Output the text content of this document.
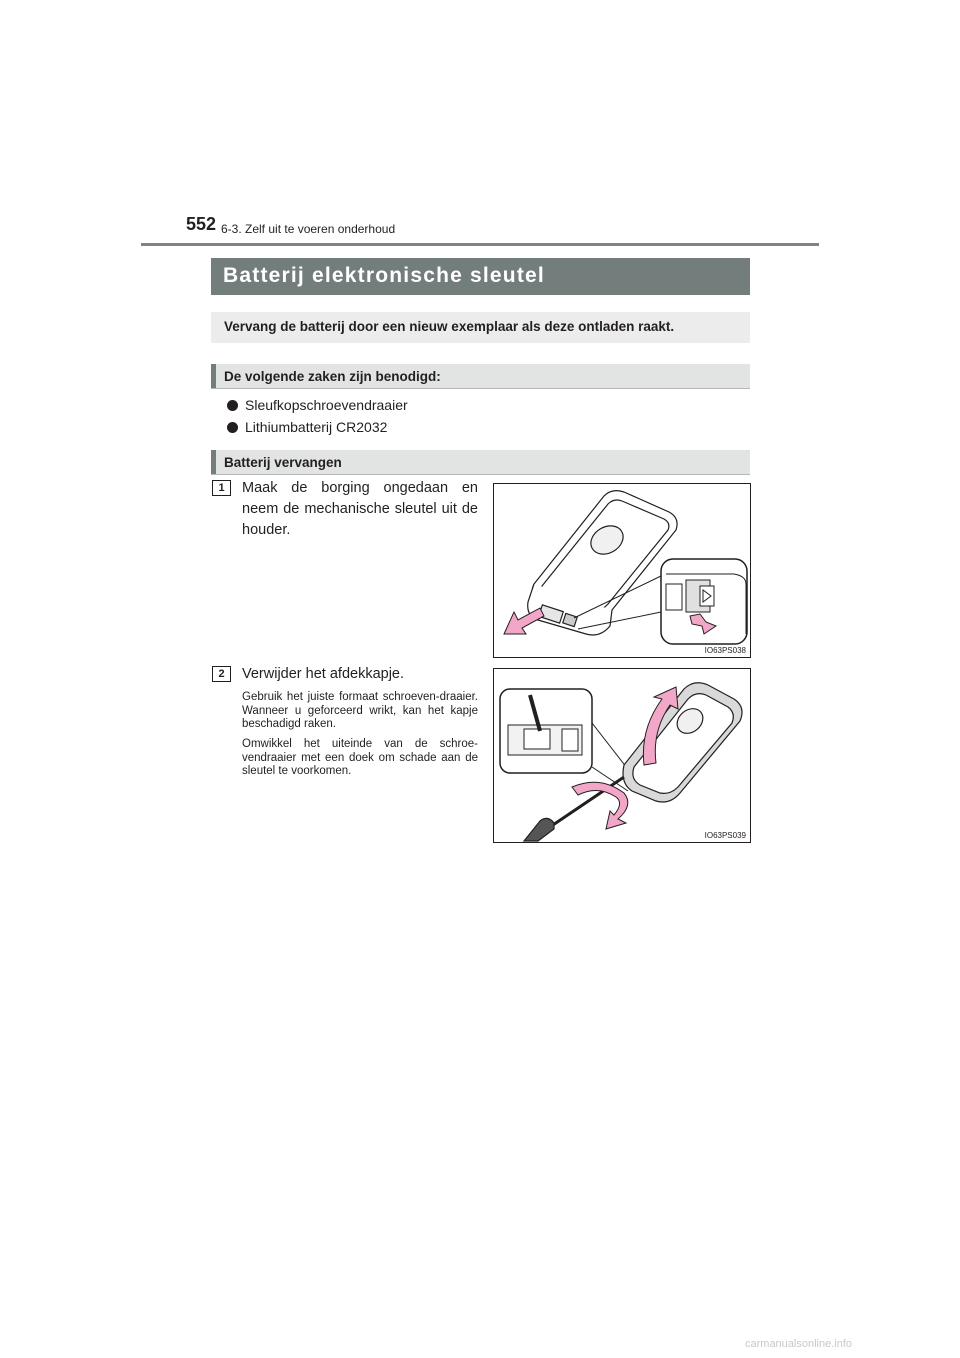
552 6-3. Zelf uit te voeren onderhoud
Batterij elektronische sleutel
Vervang de batterij door een nieuw exemplaar als deze ontladen raakt.
De volgende zaken zijn benodigd:
Sleufkopschroevendraaier
Lithiumbatterij CR2032
Batterij vervangen
1	Maak de borging ongedaan en neem de mechanische sleutel uit de houder.
IO63PS038
2	Verwijder het afdekkapje.
Gebruik het juiste formaat schroeven-draaier. Wanneer u geforceerd wrikt, kan het kapje beschadigd raken.
Omwikkel het uiteinde van de schroe-vendraaier met een doek om schade aan de sleutel te voorkomen.
IO63PS039
carmanualsonline.info
